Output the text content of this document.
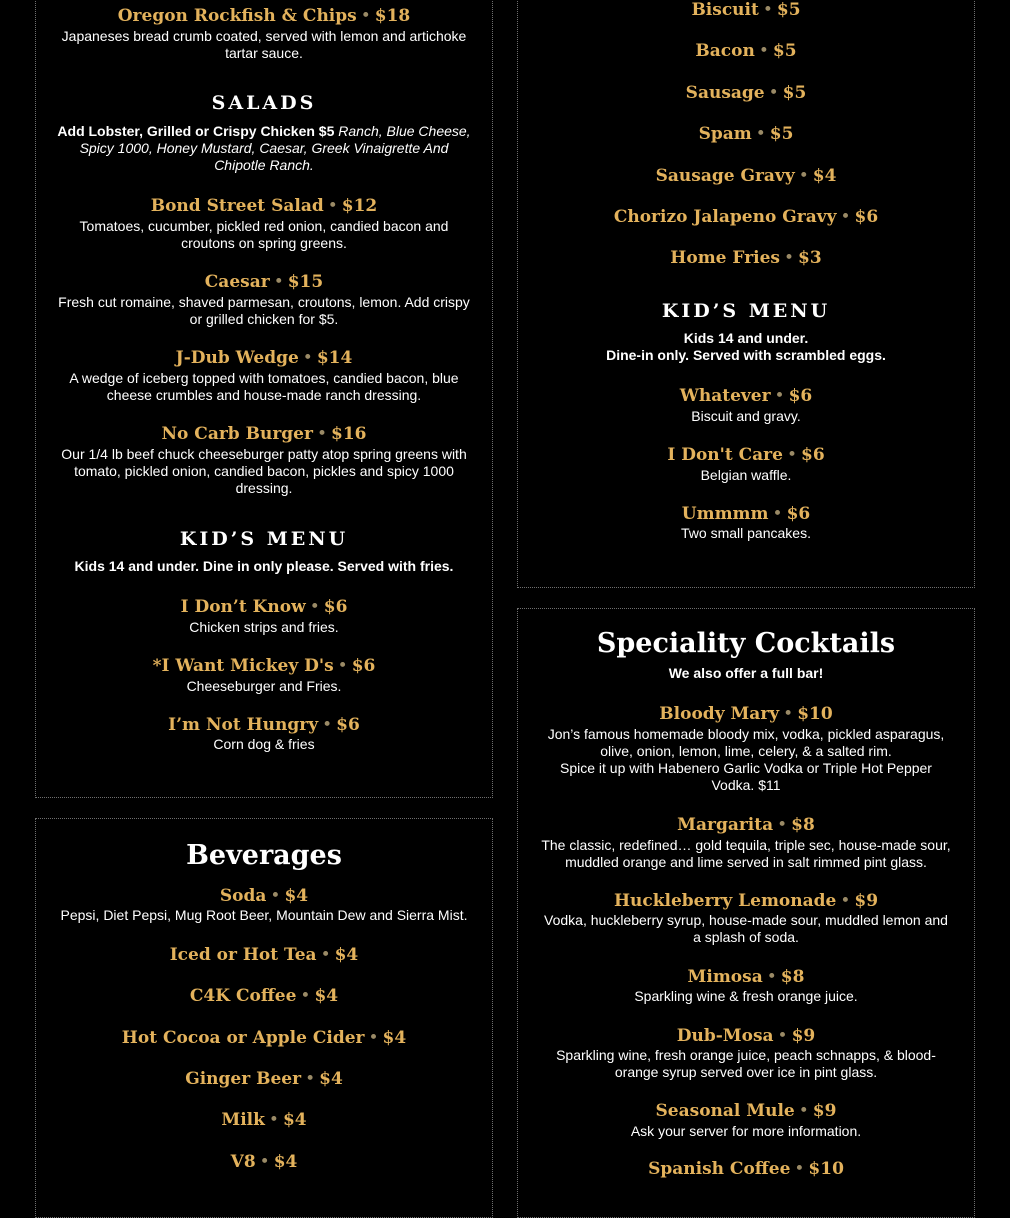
Oregon Rockfish & Chips • $18
Japaneses bread crumb coated, served with lemon and artichoke tartar sauce.
SALADS
Add Lobster, Grilled or Crispy Chicken $5 Ranch, Blue Cheese, Spicy 1000, Honey Mustard, Caesar, Greek Vinaigrette And Chipotle Ranch.
Bond Street Salad • $12
Tomatoes, cucumber, pickled red onion, candied bacon and croutons on spring greens.
Caesar • $15
Fresh cut romaine, shaved parmesan, croutons, lemon. Add crispy or grilled chicken for $5.
J-Dub Wedge • $14
A wedge of iceberg topped with tomatoes, candied bacon, blue cheese crumbles and house-made ranch dressing.
No Carb Burger • $16
Our 1/4 lb beef chuck cheeseburger patty atop spring greens with tomato, pickled onion, candied bacon, pickles and spicy 1000 dressing.
KID’S MENU
Kids 14 and under. Dine in only please. Served with fries.
I Don’t Know • $6
Chicken strips and fries.
*I Want Mickey D's • $6
Cheeseburger and Fries.
I’m Not Hungry • $6
Corn dog & fries
Beverages
Soda • $4
Pepsi, Diet Pepsi, Mug Root Beer, Mountain Dew and Sierra Mist.
Iced or Hot Tea • $4
C4K Coffee • $4
Hot Cocoa or Apple Cider • $4
Ginger Beer • $4
Milk • $4
V8 • $4
Biscuit • $5
Bacon • $5
Sausage • $5
Spam • $5
Sausage Gravy • $4
Chorizo Jalapeno Gravy • $6
Home Fries • $3
KID’S MENU
Kids 14 and under.
Dine-in only. Served with scrambled eggs.
Whatever • $6
Biscuit and gravy.
I Don't Care • $6
Belgian waffle.
Ummmm • $6
Two small pancakes.
Speciality Cocktails
We also offer a full bar!
Bloody Mary • $10
Jon’s famous homemade bloody mix, vodka, pickled asparagus, olive, onion, lemon, lime, celery, & a salted rim.
Spice it up with Habenero Garlic Vodka or Triple Hot Pepper Vodka. $11
Margarita • $8
The classic, redefined… gold tequila, triple sec, house-made sour, muddled orange and lime served in salt rimmed pint glass.
Huckleberry Lemonade • $9
Vodka, huckleberry syrup, house-made sour, muddled lemon and a splash of soda.
Mimosa • $8
Sparkling wine & fresh orange juice.
Dub-Mosa • $9
Sparkling wine, fresh orange juice, peach schnapps, & blood-orange syrup served over ice in pint glass.
Seasonal Mule • $9
Ask your server for more information.
Spanish Coffee • $10
